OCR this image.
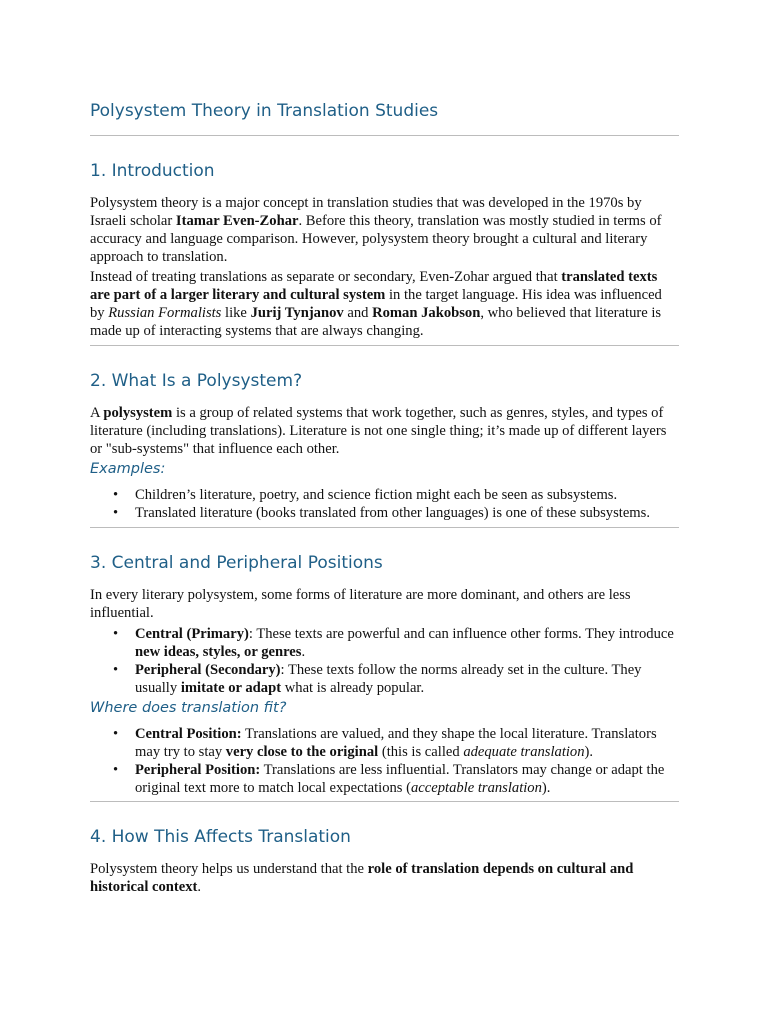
Polysystem Theory in Translation Studies
1. Introduction

Polysystem theory is a major concept in translation studies that was developed in the 1970s by Israeli scholar Itamar Even-Zohar. Before this theory, translation was mostly studied in terms of accuracy and language comparison. However, polysystem theory brought a cultural and literary approach to translation.

Instead of treating translations as separate or secondary, Even-Zohar argued that translated texts are part of a larger literary and cultural system in the target language. His idea was influenced by Russian Formalists like Jurij Tynjanov and Roman Jakobson, who believed that literature is made up of interacting systems that are always changing.

2. What Is a Polysystem?

A polysystem is a group of related systems that work together, such as genres, styles, and types of literature (including translations). Literature is not one single thing; it’s made up of different layers or "sub-systems" that influence each other.

Examples:
• Children’s literature, poetry, and science fiction might each be seen as subsystems.
• Translated literature (books translated from other languages) is one of these subsystems.
3. Central and Peripheral Positions

In every literary polysystem, some forms of literature are more dominant, and others are less influential.

• Central (Primary): These texts are powerful and can influence other forms. They introduce new ideas, styles, or genres.
• Peripheral (Secondary): These texts follow the norms already set in the culture. They usually imitate or adapt what is already popular.
Where does translation fit?
• Central Position: Translations are valued, and they shape the local literature. Translators may try to stay very close to the original (this is called adequate translation).
• Peripheral Position: Translations are less influential. Translators may change or adapt the original text more to match local expectations (acceptable translation).
4. How This Affects Translation

Polysystem theory helps us understand that the role of translation depends on cultural and historical context.
